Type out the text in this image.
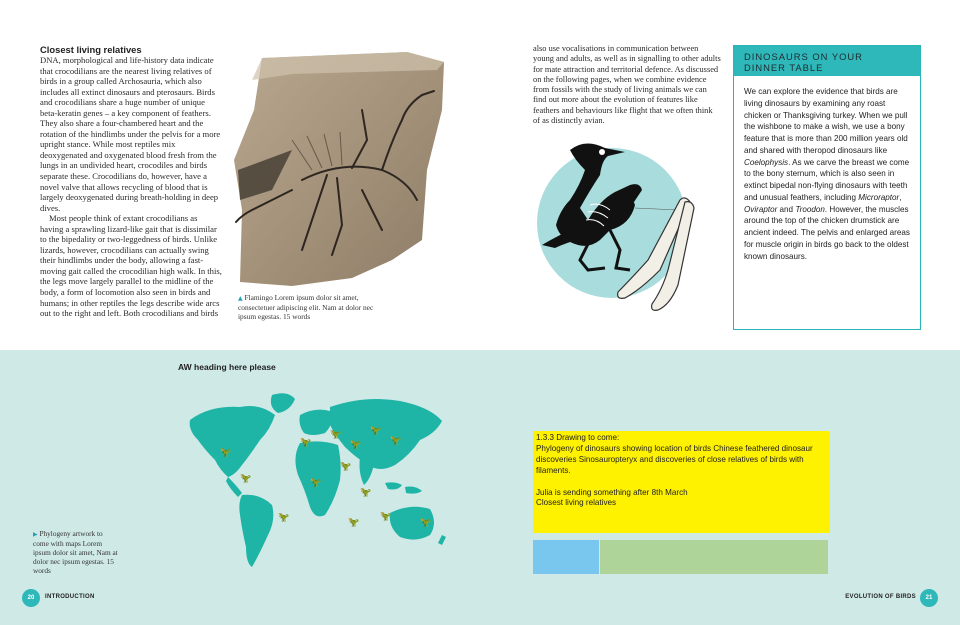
Closest living relatives

DNA, morphological and life-history data indicate that crocodilians are the nearest living relatives of birds in a group called Archosauria, which also includes all extinct dinosaurs and pterosaurs. Birds and crocodilians share a huge number of unique beta-keratin genes – a key component of feathers. They also share a four-chambered heart and the rotation of the hindlimbs under the pelvis for a more upright stance. While most reptiles mix deoxygenated and oxygenated blood fresh from the lungs in an undivided heart, crocodiles and birds separate these. Crocodilians do, however, have a novel valve that allows recycling of blood that is largely deoxygenated during breath-holding in deep dives.

Most people think of extant crocodilians as having a sprawling lizard-like gait that is dissimilar to the bipedality or two-leggedness of birds. Unlike lizards, however, crocodilians can actually swing their hindlimbs under the body, allowing a fast-moving gait called the crocodilian high walk. In this, the legs move largely parallel to the midline of the body, a form of locomotion also seen in birds and humans; in other reptiles the legs describe wide arcs out to the right and left. Both crocodilians and birds

▲ Flamingo Lorem ipsum dolor sit amet, consectetuer adipiscing elit. Nam at dolor nec ipsum egestas. 15 words

also use vocalisations in communication between young and adults, as well as in signalling to other adults for mate attraction and territorial defence. As discussed on the following pages, when we combine evidence from fossils with the study of living animals we can find out more about the evolution of features like feathers and behaviours like flight that we often think of as distinctly avian.

DINOSAURS ON YOUR
DINNER TABLE

We can explore the evidence that birds are living dinosaurs by examining any roast chicken or Thanksgiving turkey. When we pull the wishbone to make a wish, we use a bony feature that is more than 200 million years old and shared with theropod dinosaurs like Coelophysis. As we carve the breast we come to the bony sternum, which is also seen in extinct bipedal non-flying dinosaurs with teeth and unusual feathers, including Microraptor, Oviraptor and Troodon. However, the muscles around the top of the chicken drumstick are ancient indeed. The pelvis and enlarged areas for muscle origin in birds go back to the oldest known dinosaurs.

AW heading here please
🦖
🦖
🦖
🦖
🦖
🦖
🦖
🦖
🦖
🦖
🦖	🦖
🦖
🦖
▶ Phylogeny artwork to come with maps Lorem ipsum dolor sit amet, Nam at dolor nec ipsum egestas. 15 words
1.3.3 Drawing to come:
Phylogeny of dinosaurs showing location of birds Chinese feathered dinosaur discoveries Sinosauropteryx and discoveries of close relatives of birds with filaments.

Julia is sending something after 8th March
Closest living relatives
20	INTRODUCTION	EVOLUTION OF BIRDS	21
